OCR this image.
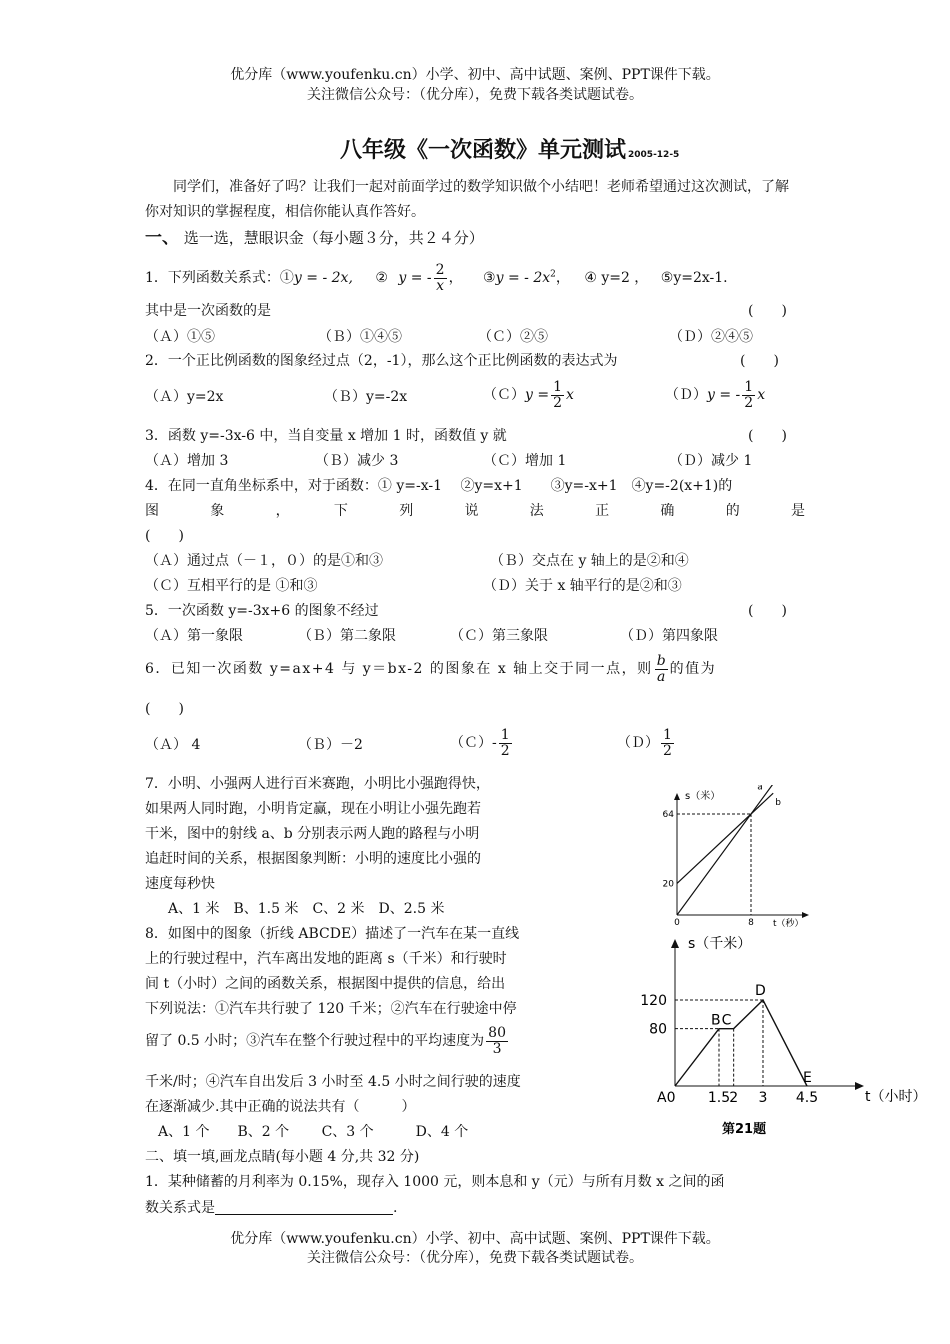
优分库（www.youfenku.cn）小学、初中、高中试题、案例、PPT课件下载。
关注微信公众号：（优分库），免费下载各类试题试卷。
八年级《一次函数》单元测试 2005-12-5
同学们，准备好了吗？让我们一起对前面学过的数学知识做个小结吧！老师希望通过这次测试，了解
你对知识的掌握程度，相信你能认真作答好。
一、 选一选，慧眼识金（每小题３分，共２４分）
1．下列函数关系式：①y = - 2x, ② y = - $\frac{2}{x}$ ， ③y = - $2x^2$， ④ y=2 ， ⑤y=2x-1.
其中是一次函数的是	(　　)
（Ａ）①⑤	（Ｂ）①④⑤	（Ｃ）②⑤	（Ｄ）②④⑤
2．一个正比例函数的图象经过点（2，-1），那么这个正比例函数的表达式为	(　　)
（Ａ）y=2x	（Ｂ）y=-2x	（Ｃ）y = $\frac{1}{2}$ x	（Ｄ）y = - $\frac{1}{2}$ x
3．函数 y=-3x-6 中，当自变量 x 增加 1 时，函数值 y 就	(　　)
（Ａ）增加 3	（Ｂ）减少 3	（Ｃ）增加 1	（Ｄ）减少 1
4．在同一直角坐标系中，对于函数：① y=-x-1　 ②y=x+1　　③y=-x+1　④y=-2(x+1)的
图　象　，　下　列　说　法　正　确　的　是
(　　)
（Ａ）通过点（－１，０）的是①和③	（Ｂ）交点在 y 轴上的是②和④
（Ｃ）互相平行的是 ①和③	（Ｄ）关于 x 轴平行的是②和③
5．一次函数 y=-3x+6 的图象不经过	(　　)
（Ａ）第一象限	（Ｂ）第二象限	（Ｃ）第三象限	（Ｄ）第四象限
6．已知一次函数 y=ax+4 与 y＝bx-2 的图象在 x 轴上交于同一点，则 $\frac{b}{a}$ 的值为
(　　)
（Ａ） 4	（Ｂ）－2	（Ｃ）- $\frac{1}{2}$	（Ｄ） $\frac{1}{2}$
7．小明、小强两人进行百米赛跑，小明比小强跑得快，
如果两人同时跑，小明肯定赢，现在小明让小强先跑若
干米，图中的射线 a、b 分别表示两人跑的路程与小明
追赶时间的关系，根据图象判断：小明的速度比小强的
速度每秒快
A、1 米　B、1.5 米　C、2 米　D、2.5 米
8．如图中的图象（折线 ABCDE）描述了一汽车在某一直线
上的行驶过程中，汽车离出发地的距离 s（千米）和行驶时
间 t（小时）之间的函数关系，根据图中提供的信息，给出
下列说法：①汽车共行驶了 120 千米；②汽车在行驶途中停
留了 0.5 小时；③汽车在整个行驶过程中的平均速度为 $\frac{80}{3}$
千米/时；④汽车自出发后 3 小时至 4.5 小时之间行驶的速度
在逐渐减少.其中正确的说法共有（　　　）
A、1 个　　B、2 个　　 C、3 个　　　D、4 个
二、填一填,画龙点睛(每小题 4 分,共 32 分)
1．某种储蓄的月利率为 0.15%，现存入 1000 元，则本息和 y（元）与所有月数 x 之间的函
数关系式是	.
优分库（www.youfenku.cn）小学、初中、高中试题、案例、PPT课件下载。
关注微信公众号：（优分库），免费下载各类试题试卷。
s（米）
t（秒）
20
64
0	8
a
b
s（千米）
t（小时）
80
120
1.5 2 3 4.5
A0
B C
D
E
第21题
